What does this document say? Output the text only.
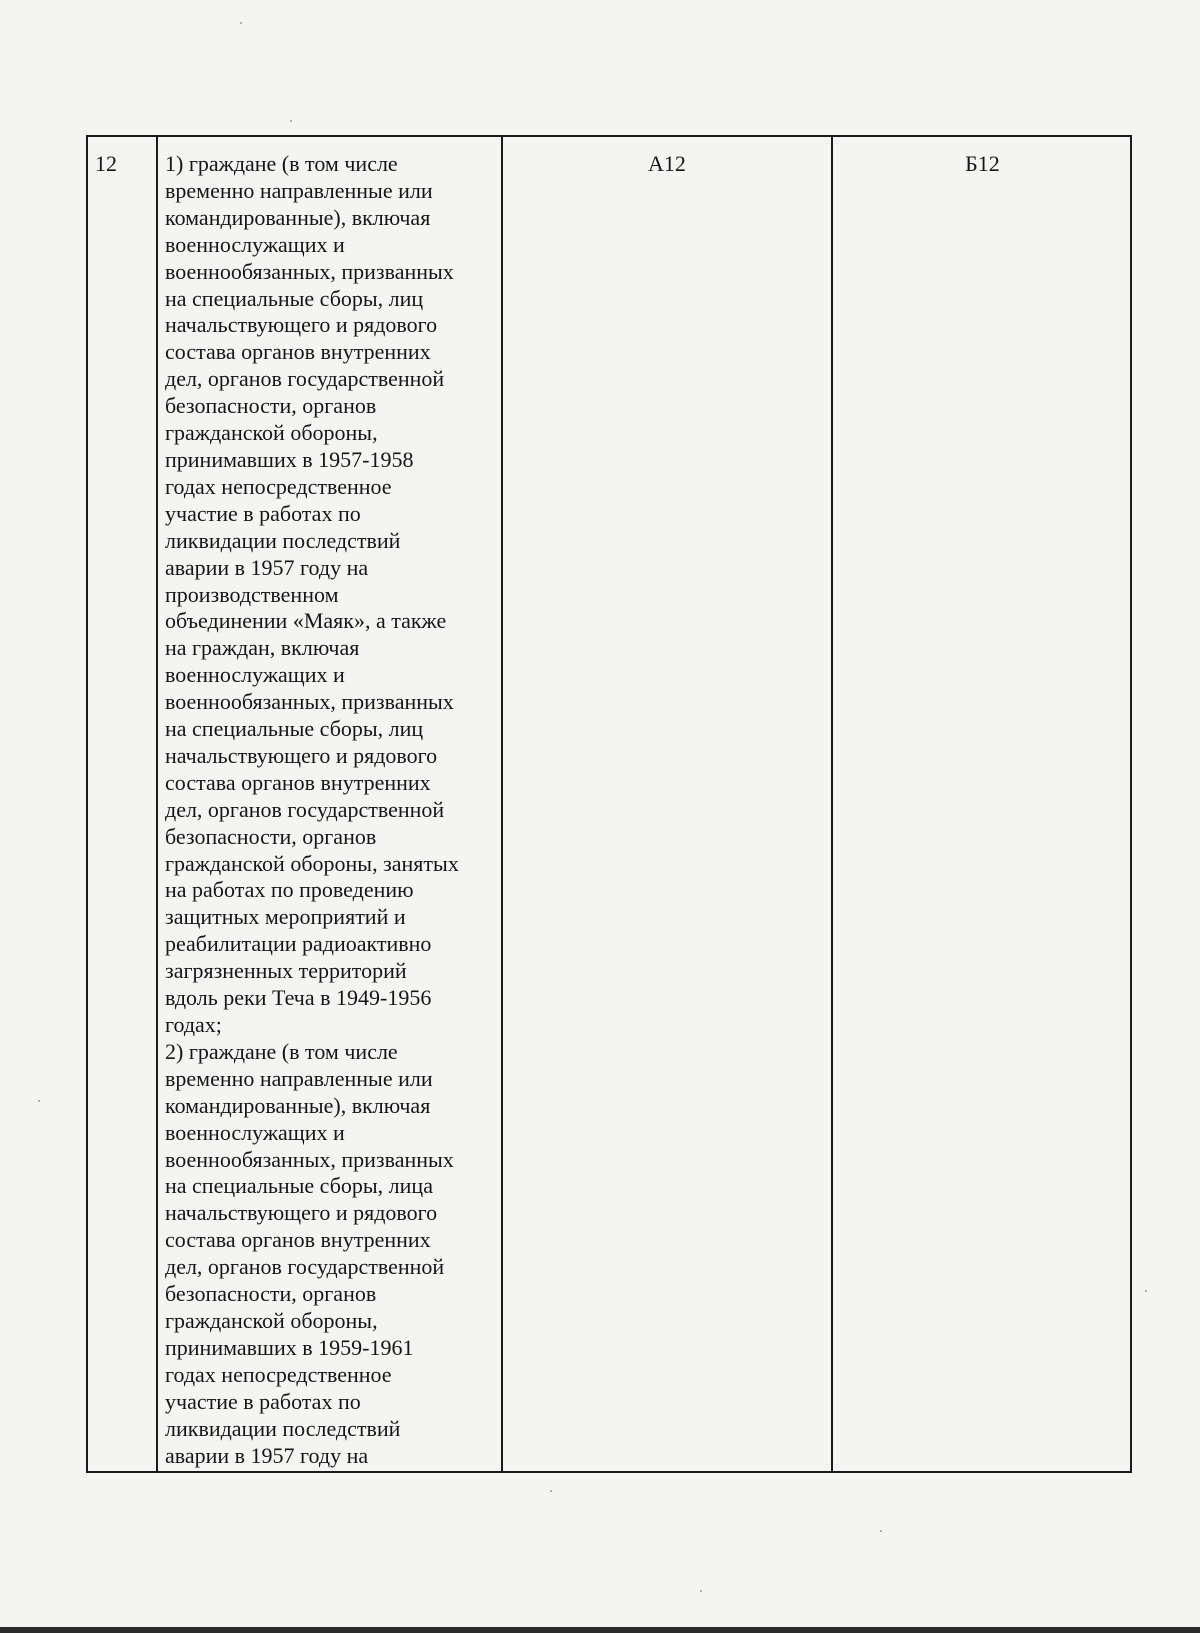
12	1) граждане (в том числе
временно направленные или
командированные), включая
военнослужащих и
военнообязанных, призванных
на специальные сборы, лиц
начальствующего и рядового
состава органов внутренних
дел, органов государственной
безопасности, органов
гражданской обороны,
принимавших в 1957-1958
годах непосредственное
участие в работах по
ликвидации последствий
аварии в 1957 году на
производственном
объединении «Маяк», а также
на граждан, включая
военнослужащих и
военнообязанных, призванных
на специальные сборы, лиц
начальствующего и рядового
состава органов внутренних
дел, органов государственной
безопасности, органов
гражданской обороны, занятых
на работах по проведению
защитных мероприятий и
реабилитации радиоактивно
загрязненных территорий
вдоль реки Теча в 1949-1956
годах;
2) граждане (в том числе
временно направленные или
командированные), включая
военнослужащих и
военнообязанных, призванных
на специальные сборы, лица
начальствующего и рядового
состава органов внутренних
дел, органов государственной
безопасности, органов
гражданской обороны,
принимавших в 1959-1961
годах непосредственное
участие в работах по
ликвидации последствий
аварии в 1957 году на
А12	Б12
